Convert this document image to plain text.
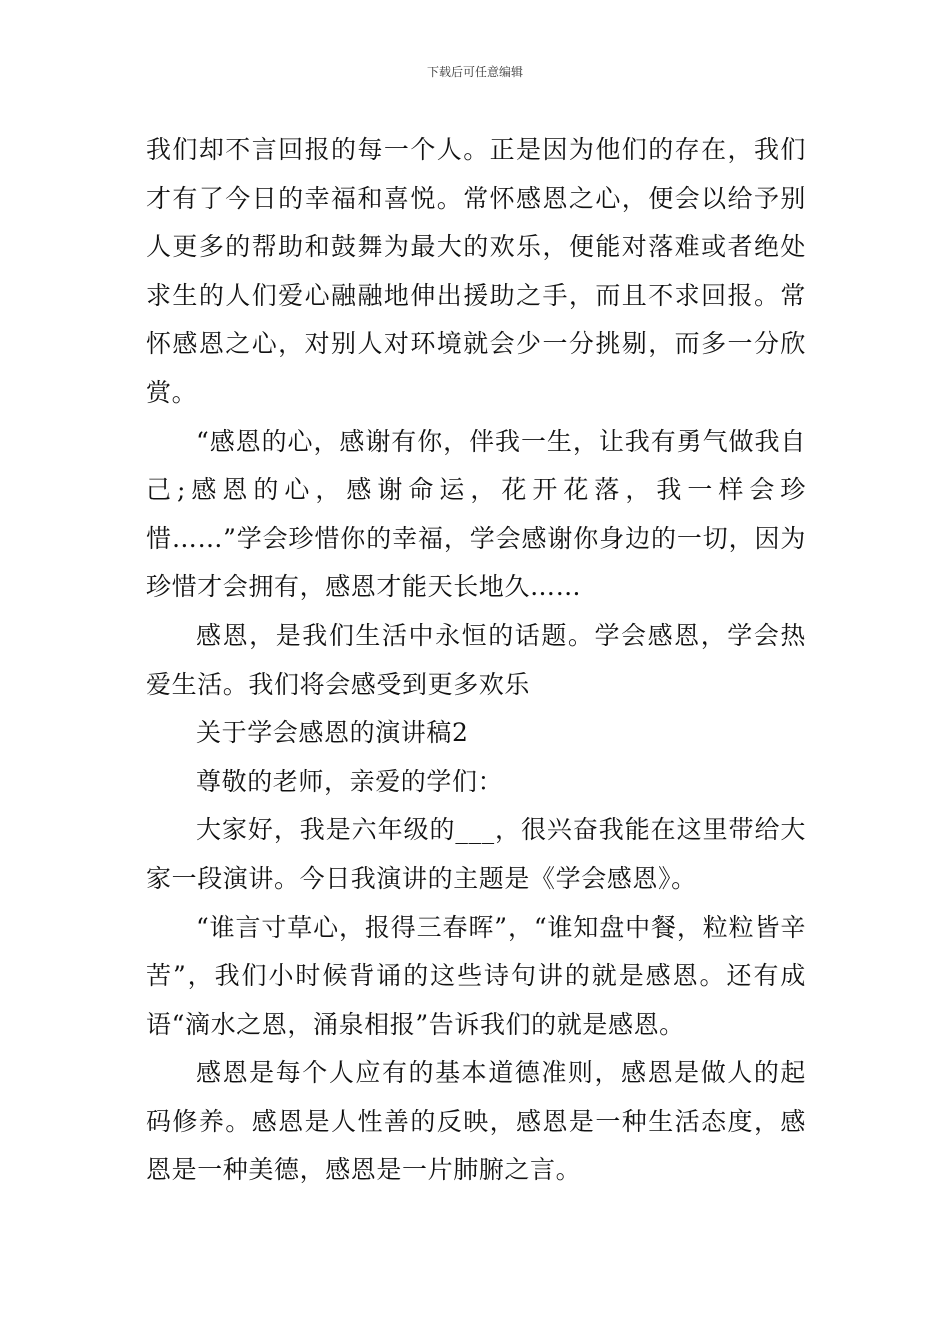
下载后可任意编辑

我们却不言回报的每一个人。正是因为他们的存在，我们才有了今日的幸福和喜悦。常怀感恩之心，便会以给予别人更多的帮助和鼓舞为最大的欢乐，便能对落难或者绝处求生的人们爱心融融地伸出援助之手，而且不求回报。常怀感恩之心，对别人对环境就会少一分挑剔，而多一分欣赏。

“感恩的心，感谢有你，伴我一生，让我有勇气做我自己;感恩的心，感谢命运，花开花落，我一样会珍惜……”学会珍惜你的幸福，学会感谢你身边的一切，因为珍惜才会拥有，感恩才能天长地久……

感恩，是我们生活中永恒的话题。学会感恩，学会热爱生活。我们将会感受到更多欢乐

关于学会感恩的演讲稿2

尊敬的老师，亲爱的学们：

大家好，我是六年级的___，很兴奋我能在这里带给大家一段演讲。今日我演讲的主题是《学会感恩》。

“谁言寸草心，报得三春晖”，“谁知盘中餐，粒粒皆辛苦”，我们小时候背诵的这些诗句讲的就是感恩。还有成语“滴水之恩，涌泉相报”告诉我们的就是感恩。

感恩是每个人应有的基本道德准则，感恩是做人的起码修养。感恩是人性善的反映，感恩是一种生活态度，感恩是一种美德，感恩是一片肺腑之言。
